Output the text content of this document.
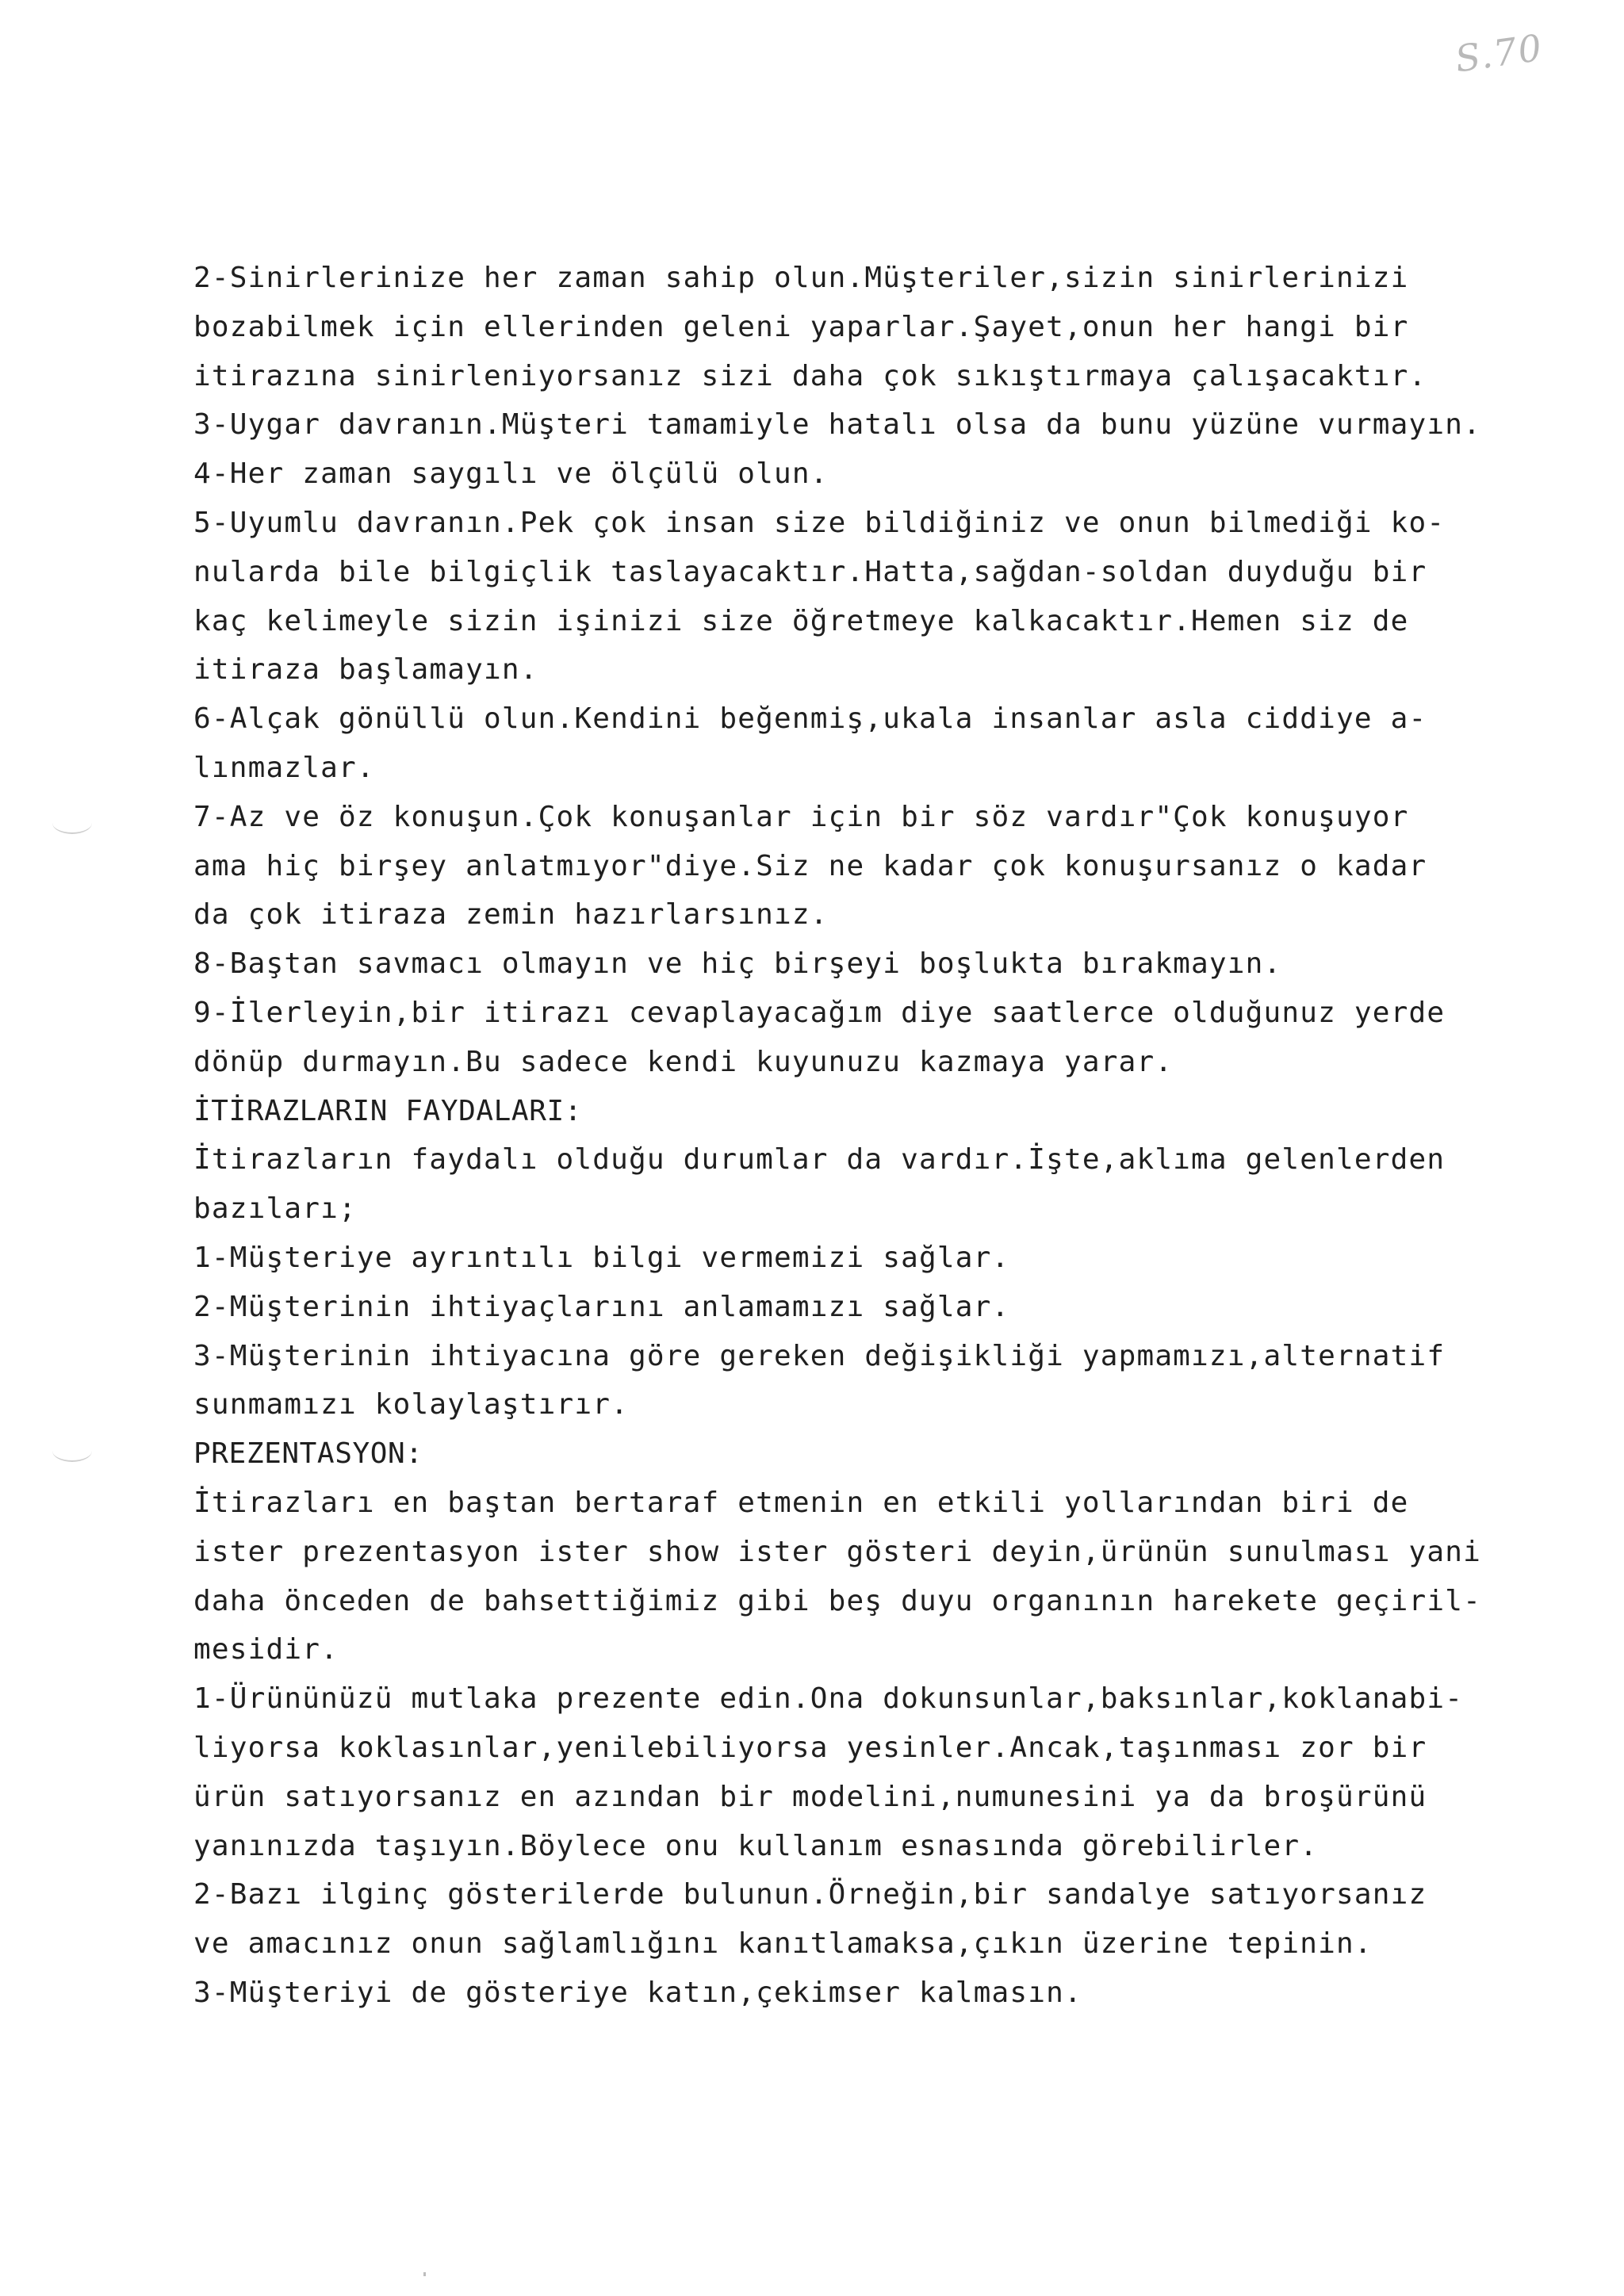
S.70
2-Sinirlerinize her zaman sahip olun.Müşteriler,sizin sinirlerinizi
bozabilmek için ellerinden geleni yaparlar.Şayet,onun her hangi bir
itirazına sinirleniyorsanız sizi daha çok sıkıştırmaya çalışacaktır.
3-Uygar davranın.Müşteri tamamiyle hatalı olsa da bunu yüzüne vurmayın.
4-Her zaman saygılı ve ölçülü olun.
5-Uyumlu davranın.Pek çok insan size bildiğiniz ve onun bilmediği ko-
nularda bile bilgiçlik taslayacaktır.Hatta,sağdan-soldan duyduğu bir
kaç kelimeyle sizin işinizi size öğretmeye kalkacaktır.Hemen siz de
itiraza başlamayın.
6-Alçak gönüllü olun.Kendini beğenmiş,ukala insanlar asla ciddiye a-
lınmazlar.
7-Az ve öz konuşun.Çok konuşanlar için bir söz vardır"Çok konuşuyor
ama hiç birşey anlatmıyor"diye.Siz ne kadar çok konuşursanız o kadar
da çok itiraza zemin hazırlarsınız.
8-Baştan savmacı olmayın ve hiç birşeyi boşlukta bırakmayın.
9-İlerleyin,bir itirazı cevaplayacağım diye saatlerce olduğunuz yerde
dönüp durmayın.Bu sadece kendi kuyunuzu kazmaya yarar.
İTİRAZLARIN FAYDALARI:
İtirazların faydalı olduğu durumlar da vardır.İşte,aklıma gelenlerden
bazıları;
1-Müşteriye ayrıntılı bilgi vermemizi sağlar.
2-Müşterinin ihtiyaçlarını anlamamızı sağlar.
3-Müşterinin ihtiyacına göre gereken değişikliği yapmamızı,alternatif
sunmamızı kolaylaştırır.
PREZENTASYON:
İtirazları en baştan bertaraf etmenin en etkili yollarından biri de
ister prezentasyon ister show ister gösteri deyin,ürünün sunulması yani
daha önceden de bahsettiğimiz gibi beş duyu organının harekete geçiril-
mesidir.
1-Ürününüzü mutlaka prezente edin.Ona dokunsunlar,baksınlar,koklanabi-
liyorsa koklasınlar,yenilebiliyorsa yesinler.Ancak,taşınması zor bir
ürün satıyorsanız en azından bir modelini,numunesini ya da broşürünü
yanınızda taşıyın.Böylece onu kullanım esnasında görebilirler.
2-Bazı ilginç gösterilerde bulunun.Örneğin,bir sandalye satıyorsanız
ve amacınız onun sağlamlığını kanıtlamaksa,çıkın üzerine tepinin.
3-Müşteriyi de gösteriye katın,çekimser kalmasın.
